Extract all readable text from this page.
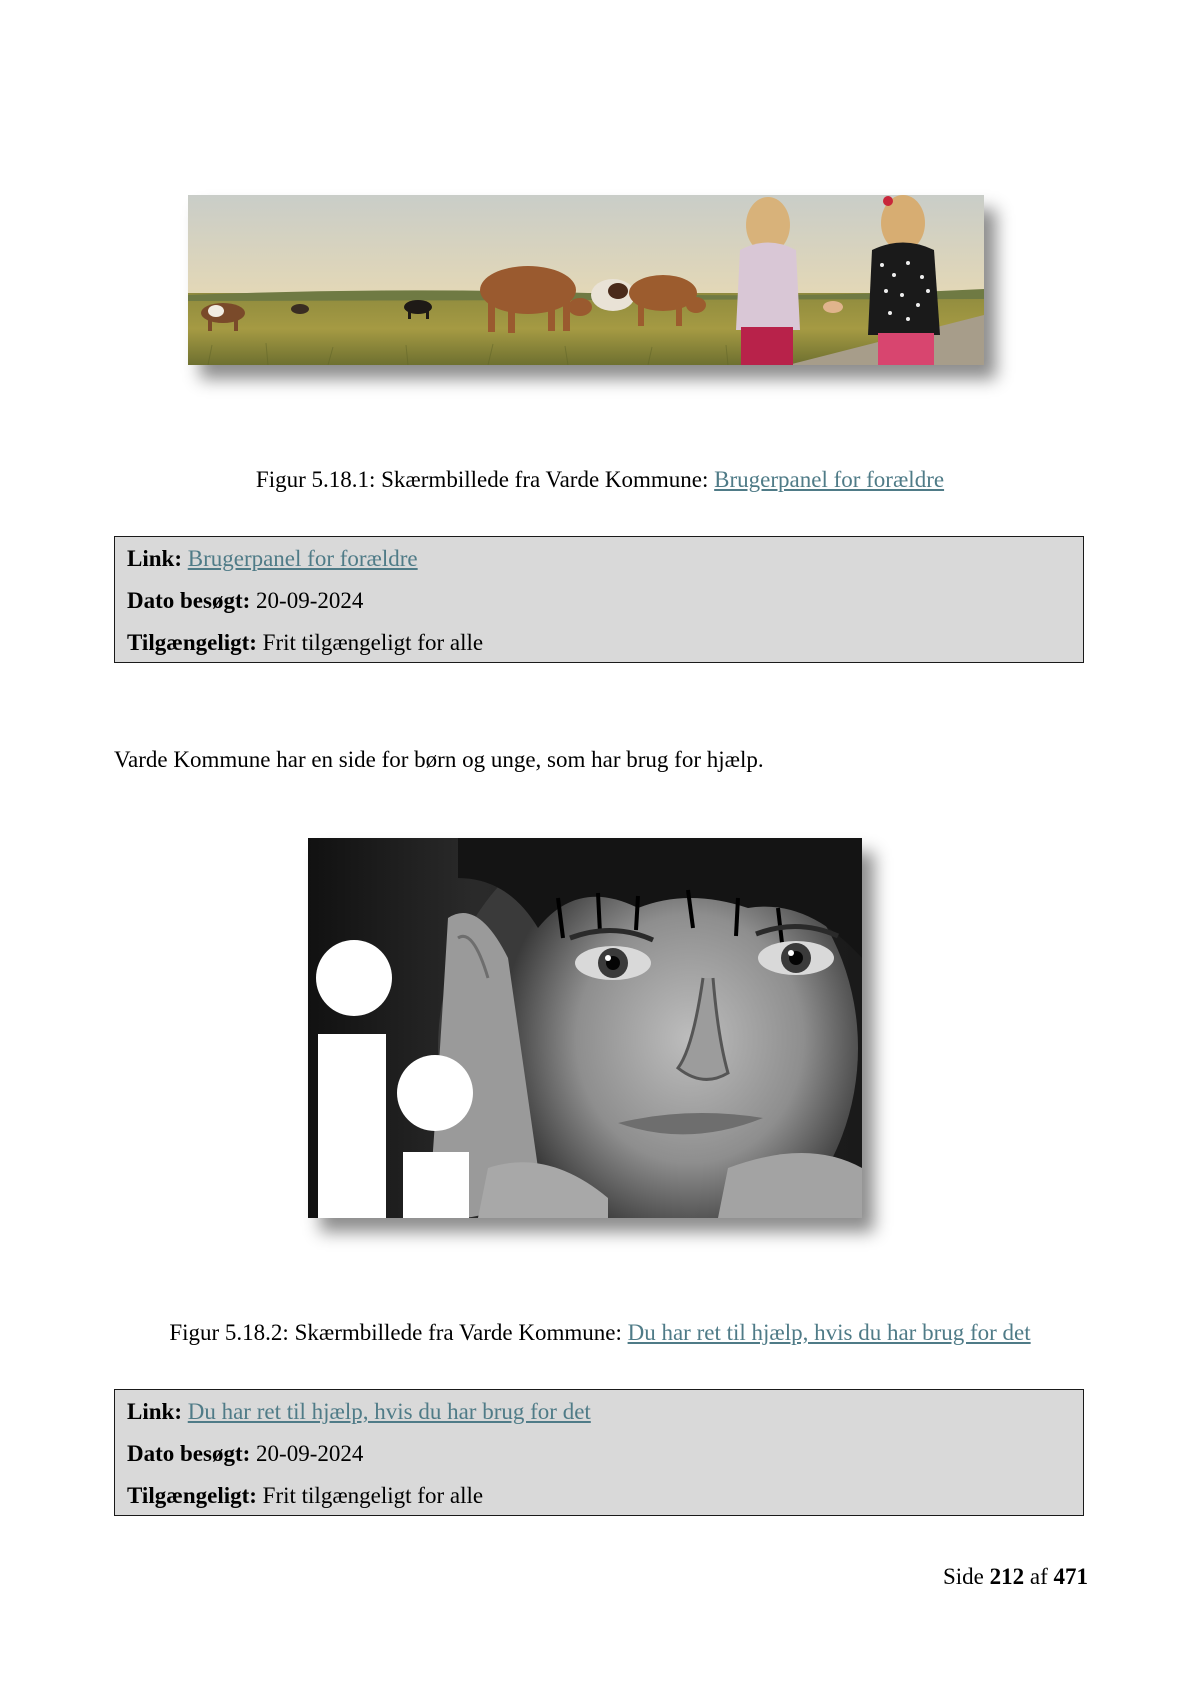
Figur 5.18.1: Skærmbillede fra Varde Kommune: Brugerpanel for forældre
Link: Brugerpanel for forældre
Dato besøgt: 20-09-2024
Tilgængeligt: Frit tilgængeligt for alle
Varde Kommune har en side for børn og unge, som har brug for hjælp.
Figur 5.18.2: Skærmbillede fra Varde Kommune: Du har ret til hjælp, hvis du har brug for det
Link: Du har ret til hjælp, hvis du har brug for det
Dato besøgt: 20-09-2024
Tilgængeligt: Frit tilgængeligt for alle
Side 212 af 471
